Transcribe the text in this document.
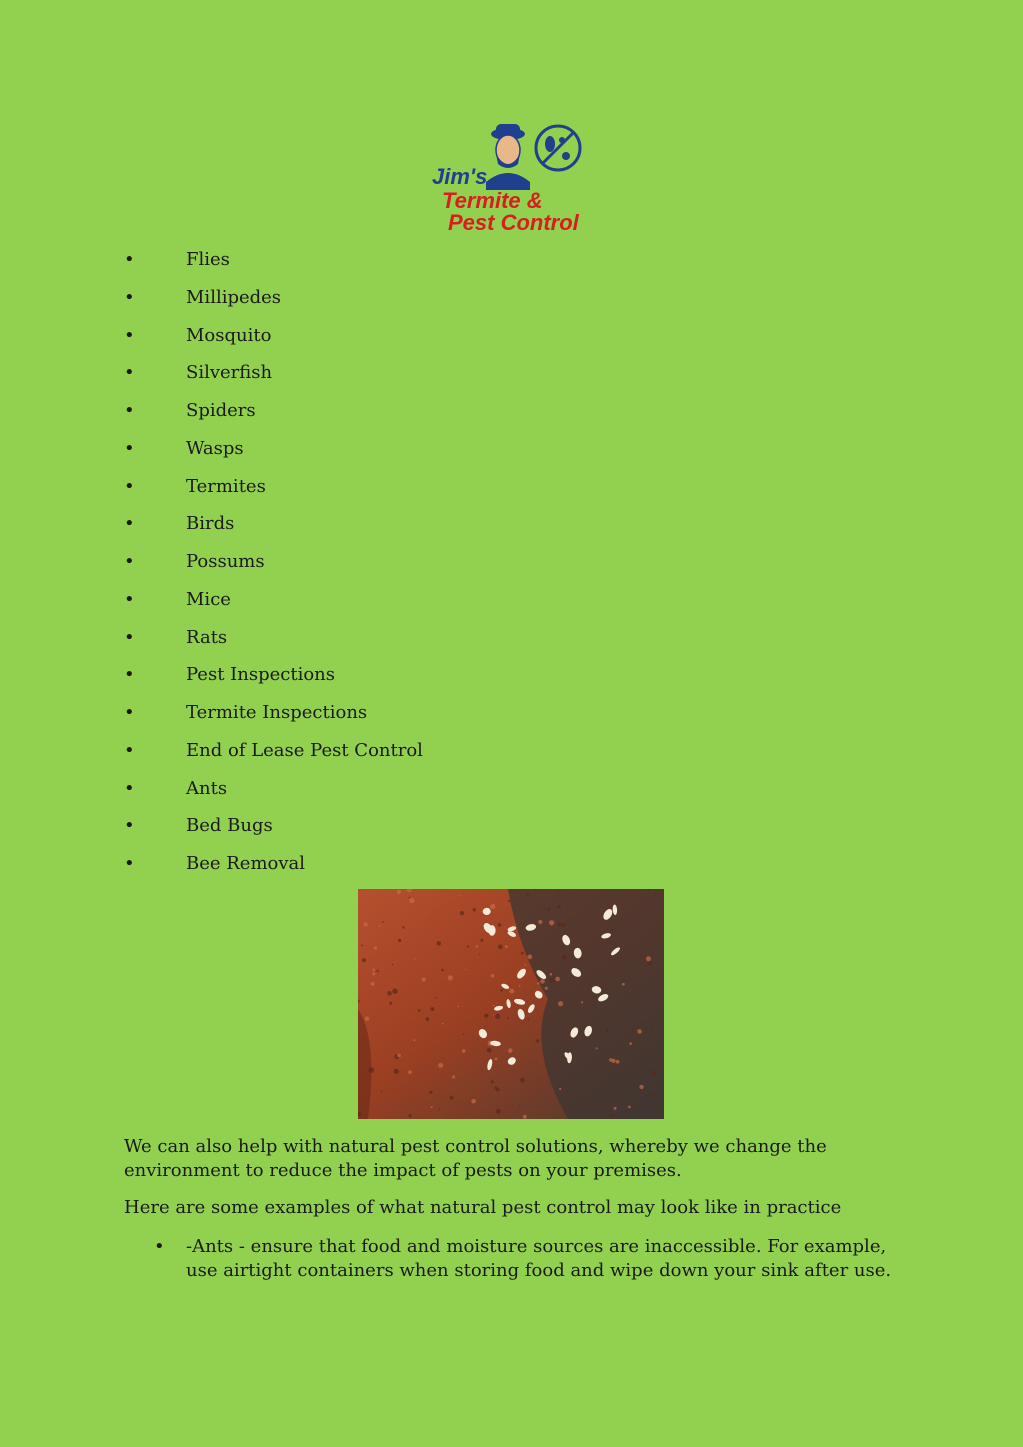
Jim's
Termite &
Pest Control
•	Flies
•	Millipedes
•	Mosquito
•	Silverfish
•	Spiders
•	Wasps
•	Termites
•	Birds
•	Possums
•	Mice
•	Rats
•	Pest Inspections
•	Termite Inspections
•	End of Lease Pest Control
•	Ants
•	Bed Bugs
•	Bee Removal

We can also help with natural pest control solutions, whereby we change the environment to reduce the impact of pests on your premises.

Here are some examples of what natural pest control may look like in practice

• -Ants - ensure that food and moisture sources are inaccessible. For example, use airtight containers when storing food and wipe down your sink after use.
